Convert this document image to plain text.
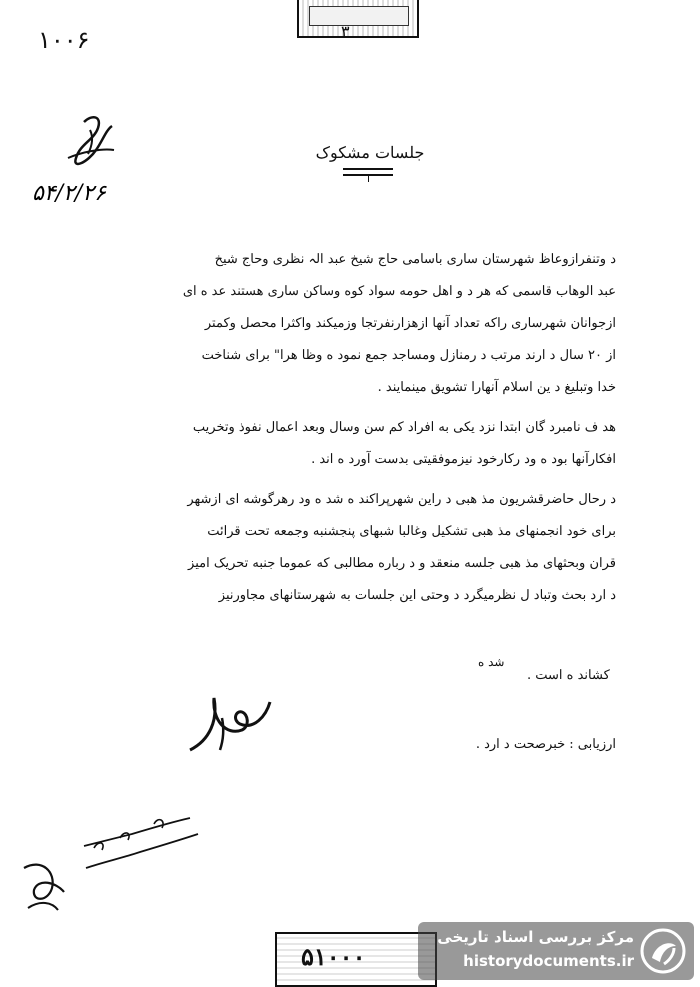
۳
۱۰۰۶
۵۴/۲/۲۶
جلسات مشکوک
د وتنفرازوعاظ شهرستان ساری باسامی حاج شیخ عبد الہ نظری وحاج شیخ
عبد الوهاب قاسمی که هر د و اهل حومه سواد کوه وساکن ساری هستند عد ه ای
ازجوانان شهرساری راکه تعداد آنها ازهزارنفرتجا وزمیکند واکثرا محصل وکمتر
از ۲۰ سال د ارند مرتب د رمنازل ومساجد جمع نمود ه وظا هرا" برای شناخت
خدا وتبلیغ د ین اسلام آنهارا تشویق مینمایند .
هد ف نامبرد گان ابتدا نزد یکی به افراد کم سن وسال وبعد اعمال نفوذ وتخریب
افکارآنها بود ه ود رکارخود نیزموفقیتی بدست آورد ه اند .
د رحال حاضرقشریون مذ هبی د راین شهرپراکند ه شد ه ود رهرگوشه ای ازشهر
برای خود انجمنهای مذ هبی تشکیل وغالبا شبهای پنجشنبه وجمعه تحت قرائت
قران وبحثهای مذ هبی جلسه منعقد و د رباره مطالبی که عموما جنبه تحریک امیز
د ارد بحث وتباد ل نظرمیگرد د وحتی این جلسات به شهرستانهای مجاورنیز
شد ه
کشاند ه است .
ارزیابی : خبرصحت د ارد .
۵۱۰۰۰
مرکز بررسی اسناد تاریخی
historydocuments.ir
